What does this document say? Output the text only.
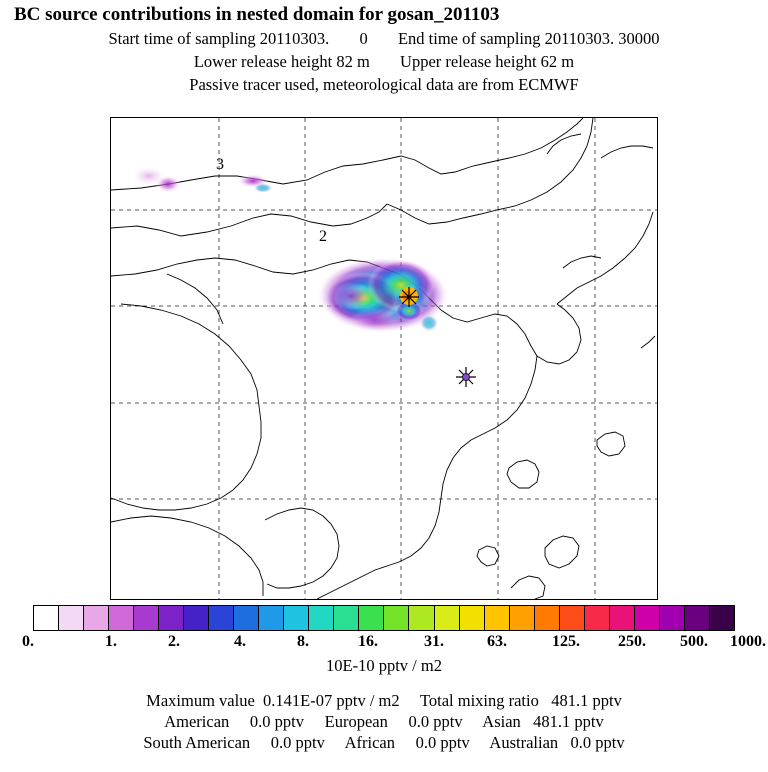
BC source contributions in nested domain for gosan_201103
Start time of sampling 20110303. 0 End time of sampling 20110303. 30000
Lower release height 82 m Upper release height 62 m
Passive tracer used, meteorological data are from ECMWF
3
2
0.	1.	2.	4.	8.	16.	31.	63.	125. 250. 500. 1000.
10E-10 pptv / m2
Maximum value 0.141E-07 pptv / m2 Total mixing ratio 481.1 pptv
American 0.0 pptv European 0.0 pptv Asian 481.1 pptv
South American 0.0 pptv African 0.0 pptv Australian 0.0 pptv
